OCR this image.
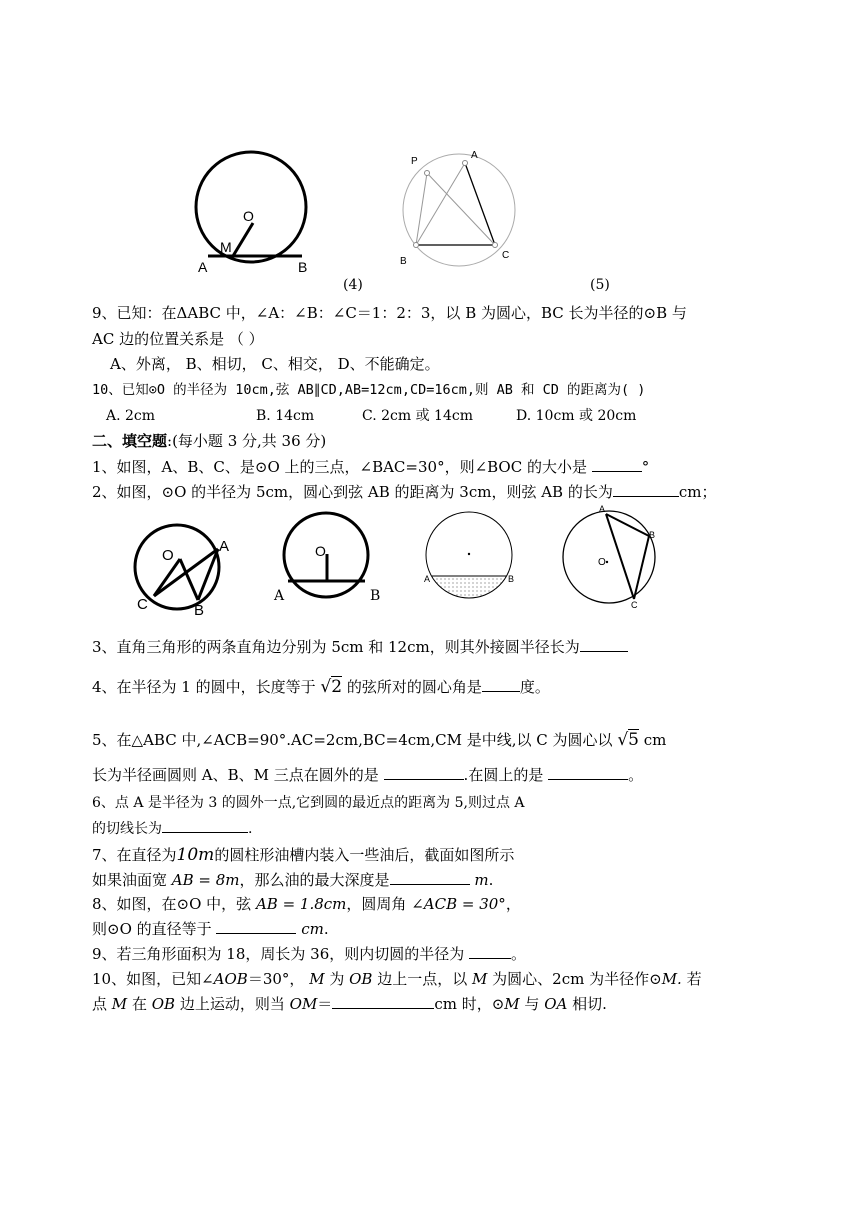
O
M
A	B
(4)
P
A
B
C
(5)
9、已知：在ΔABC 中，∠A：∠B：∠C＝1：2：3，以 B 为圆心，BC 长为半径的⊙B 与
AC 边的位置关系是 （ ）
A、外离， B、相切， C、相交， D、不能确定。
10、已知⊙O 的半径为 10cm,弦 AB∥CD,AB=12cm,CD=16cm,则 AB 和 CD 的距离为( )
A. 2cm	B. 14cm	C. 2cm 或 14cm	D. 10cm 或 20cm
二、填空题:(每小题 3 分,共 36 分)
1、如图，A、B、C、是⊙O 上的三点，∠BAC=30°，则∠BOC 的大小是	°
2、如图，⊙O 的半径为 5cm，圆心到弦 AB 的距离为 3cm，则弦 AB 的长为	cm；
O
A
B
C
O
A	B
A	B
A
B
O
C
3、直角三角形的两条直角边分别为 5cm 和 12cm，则其外接圆半径长为
4、在半径为 1 的圆中，长度等于 √2 的弦所对的圆心角是	度。
5、在△ABC 中,∠ACB=90°.AC=2cm,BC=4cm,CM 是中线,以 C 为圆心以 √5 cm
长为半径画圆则 A、B、M 三点在圆外的是	.在圆上的是	。
6、点 A 是半径为 3 的圆外一点,它到圆的最近点的距离为 5,则过点 A
的切线长为	.
7、在直径为10m的圆柱形油槽内装入一些油后，截面如图所示
如果油面宽 AB = 8m，那么油的最大深度是	m.
8、如图，在⊙O 中，弦 AB = 1.8cm，圆周角 ∠ACB = 30°，
则⊙O 的直径等于	cm.
9、若三角形面积为 18，周长为 36，则内切圆的半径为	。
10、如图，已知∠AOB＝30°， M 为 OB 边上一点，以 M 为圆心、2cm 为半径作⊙M. 若
点 M 在 OB 边上运动，则当 OM＝	cm 时，⊙M 与 OA 相切.
